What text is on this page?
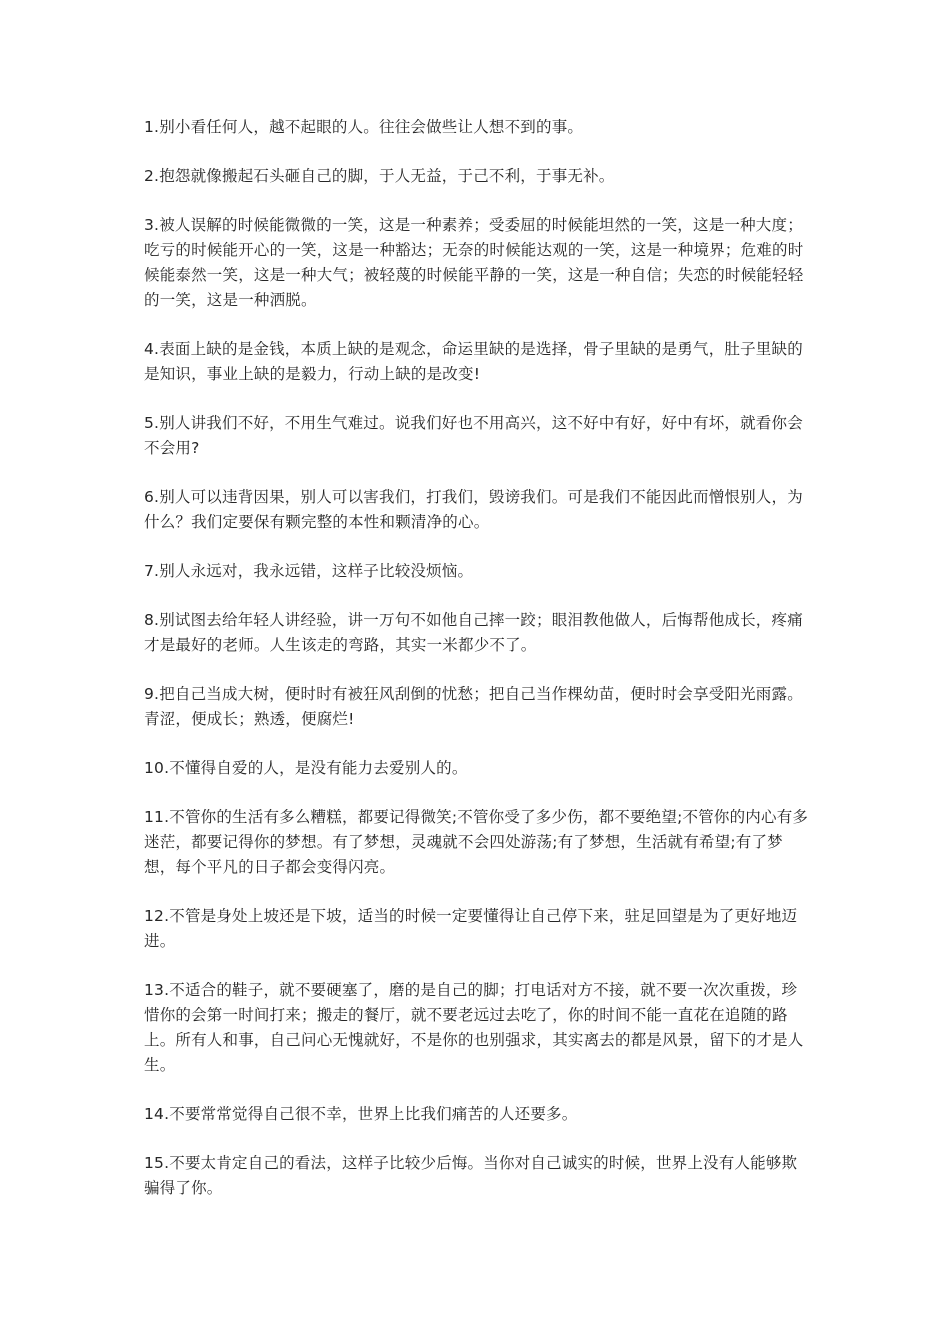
1.别小看任何人，越不起眼的人。往往会做些让人想不到的事。

2.抱怨就像搬起石头砸自己的脚，于人无益，于己不利，于事无补。

3.被人误解的时候能微微的一笑，这是一种素养；受委屈的时候能坦然的一笑，这是一种大度；吃亏的时候能开心的一笑，这是一种豁达；无奈的时候能达观的一笑，这是一种境界；危难的时候能泰然一笑，这是一种大气；被轻蔑的时候能平静的一笑，这是一种自信；失恋的时候能轻轻的一笑，这是一种洒脱。

4.表面上缺的是金钱，本质上缺的是观念，命运里缺的是选择，骨子里缺的是勇气，肚子里缺的是知识，事业上缺的是毅力，行动上缺的是改变!

5.别人讲我们不好，不用生气难过。说我们好也不用高兴，这不好中有好，好中有坏，就看你会不会用?

6.别人可以违背因果，别人可以害我们，打我们，毁谤我们。可是我们不能因此而憎恨别人，为什么？我们定要保有颗完整的本性和颗清净的心。

7.别人永远对，我永远错，这样子比较没烦恼。

8.别试图去给年轻人讲经验，讲一万句不如他自己摔一跤；眼泪教他做人，后悔帮他成长，疼痛才是最好的老师。人生该走的弯路，其实一米都少不了。

9.把自己当成大树，便时时有被狂风刮倒的忧愁；把自己当作棵幼苗，便时时会享受阳光雨露。青涩，便成长；熟透，便腐烂!

10.不懂得自爱的人，是没有能力去爱别人的。

11.不管你的生活有多么糟糕，都要记得微笑;不管你受了多少伤，都不要绝望;不管你的内心有多迷茫，都要记得你的梦想。有了梦想，灵魂就不会四处游荡;有了梦想，生活就有希望;有了梦想，每个平凡的日子都会变得闪亮。

12.不管是身处上坡还是下坡，适当的时候一定要懂得让自己停下来，驻足回望是为了更好地迈进。

13.不适合的鞋子，就不要硬塞了，磨的是自己的脚；打电话对方不接，就不要一次次重拨，珍惜你的会第一时间打来；搬走的餐厅，就不要老远过去吃了，你的时间不能一直花在追随的路上。所有人和事，自己问心无愧就好，不是你的也别强求，其实离去的都是风景，留下的才是人生。

14.不要常常觉得自己很不幸，世界上比我们痛苦的人还要多。

15.不要太肯定自己的看法，这样子比较少后悔。当你对自己诚实的时候，世界上没有人能够欺骗得了你。
